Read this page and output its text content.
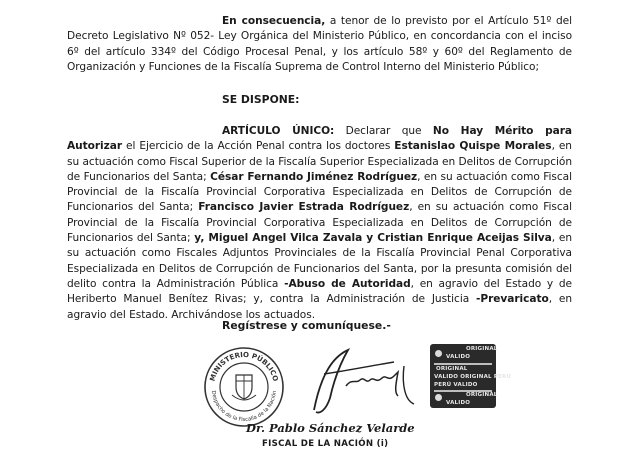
En consecuencia, a tenor de lo previsto por el Artículo 51º del Decreto Legislativo Nº 052- Ley Orgánica del Ministerio Público, en concordancia con el inciso 6º del artículo 334º del Código Procesal Penal, y los artículo 58º y 60º del Reglamento de Organización y Funciones de la Fiscalía Suprema de Control Interno del Ministerio Público;
SE DISPONE:
ARTÍCULO ÚNICO: Declarar que No Hay Mérito para Autorizar el Ejercicio de la Acción Penal contra los doctores Estanislao Quispe Morales, en su actuación como Fiscal Superior de la Fiscalía Superior Especializada en Delitos de Corrupción de Funcionarios del Santa; César Fernando Jiménez Rodríguez, en su actuación como Fiscal Provincial de la Fiscalía Provincial Corporativa Especializada en Delitos de Corrupción de Funcionarios del Santa; Francisco Javier Estrada Rodríguez, en su actuación como Fiscal Provincial de la Fiscalía Provincial Corporativa Especializada en Delitos de Corrupción de Funcionarios del Santa; y, Miguel Angel Vilca Zavala y Cristian Enrique Aceijas Silva, en su actuación como Fiscales Adjuntos Provinciales de la Fiscalía Provincial Penal Corporativa Especializada en Delitos de Corrupción de Funcionarios del Santa, por la presunta comisión del delito contra la Administración Pública -Abuso de Autoridad, en agravio del Estado y de Heriberto Manuel Benítez Rivas; y, contra la Administración de Justicia -Prevaricato, en agravio del Estado. Archivándose los actuados.
Regístrese y comuníquese.-
MINISTERIO PÚBLICO
Despacho de la Fiscalía de la Nación
Dr. Pablo Sánchez Velarde
FISCAL DE LA NACIÓN (i)
ORIGINAL
VALIDO
ORIGINAL
VALIDO ORIGINAL PERÚ
PERÚ VALIDO
ORIGINAL
VALIDO
